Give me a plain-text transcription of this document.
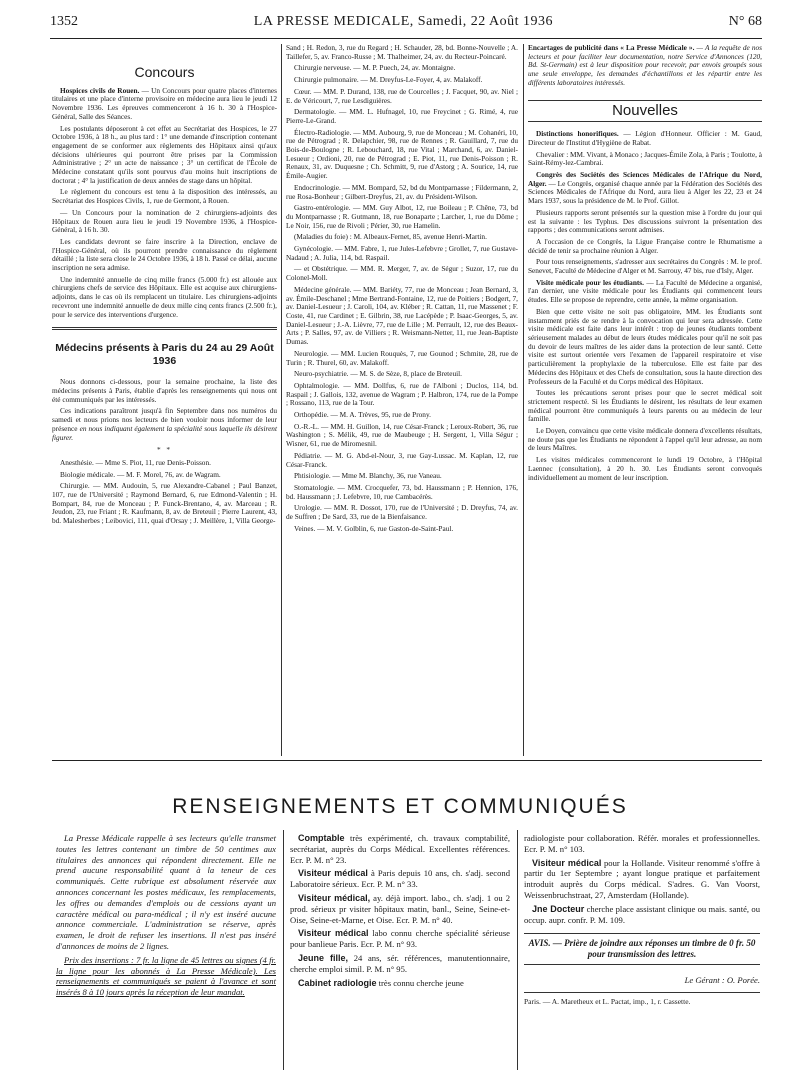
1352	LA PRESSE MEDICALE, Samedi, 22 Août 1936	N° 68
Concours

Hospices civils de Rouen. — Un Concours pour quatre places d'internes titulaires et une place d'interne provisoire en médecine aura lieu le jeudi 12 Novembre 1936. Les épreuves commenceront à 16 h. 30 à l'Hospice-Général, Salle des Séances.

Les postulants déposeront à cet effet au Secrétariat des Hospices, le 27 Octobre 1936, à 18 h., au plus tard : 1° une demande d'inscription contenant engagement de se conformer aux règlements des Hôpitaux ainsi qu'aux décisions ultérieures qui pourront être prises par la Commission Administrative ; 2° un acte de naissance ; 3° un certificat de l'École de Médecine constatant qu'ils sont pourvus d'au moins huit inscriptions de doctorat ; 4° la justification de deux années de stage dans un hôpital.

Le règlement du concours est tenu à la disposition des intéressés, au Secrétariat des Hospices Civils, 1, rue de Germont, à Rouen.

— Un Concours pour la nomination de 2 chirurgiens-adjoints des Hôpitaux de Rouen aura lieu le jeudi 19 Novembre 1936, à l'Hospice-Général, à 16 h. 30.

Les candidats devront se faire inscrire à la Direction, enclave de l'Hospice-Général, où ils pourront prendre connaissance du règlement détaillé ; la liste sera close le 24 Octobre 1936, à 18 h. Passé ce délai, aucune inscription ne sera admise.

Une indemnité annuelle de cinq mille francs (5.000 fr.) est allouée aux chirurgiens chefs de service des Hôpitaux. Elle est acquise aux chirurgiens-adjoints, dans le cas où ils remplacent un titulaire. Les chirurgiens-adjoints recevront une indemnité annuelle de deux mille cinq cents francs (2.500 fr.), pour le service des interventions d'urgence.

Médecins présents à Paris du 24 au 29 Août 1936

Nous donnons ci-dessous, pour la semaine prochaine, la liste des médecins présents à Paris, établie d'après les renseignements qui nous ont été communiqués par les intéressés.

Ces indications paraîtront jusqu'à fin Septembre dans nos numéros du samedi et nous prions nos lecteurs de bien vouloir nous informer de leur présence en nous indiquant également la spécialité sous laquelle ils désirent figurer.

* *

Anesthésie. — Mme S. Piot, 11, rue Denis-Poisson.

Biologie médicale. — M. F. Morel, 76, av. de Wagram.

Chirurgie. — MM. Audouin, 5, rue Alexandre-Cabanel ; Paul Banzet, 107, rue de l'Université ; Raymond Bernard, 6, rue Edmond-Valentin ; H. Bompart, 84, rue de Monceau ; P. Funck-Brentano, 4, av. Marceau ; R. Jeudon, 23, rue Friant ; R. Kaufmann, 8, av. de Breteuil ; Pierre Laurent, 43, bd. Malesherbes ; Leibovici, 111, quai d'Orsay ; J. Meillère, 1, Villa George-

Sand ; H. Redon, 3, rue du Regard ; H. Schauder, 28, bd. Bonne-Nouvelle ; A. Taillefer, 5, av. Franco-Russe ; M. Thalheimer, 24, av. du Recteur-Poincaré.

Chirurgie nerveuse. — M. P. Puech, 24, av. Montaigne.

Chirurgie pulmonaire. — M. Dreyfus-Le-Foyer, 4, av. Malakoff.

Cœur. — MM. P. Durand, 138, rue de Courcelles ; J. Facquet, 90, av. Niel ; E. de Véricourt, 7, rue Lesdiguières.

Dermatologie. — MM. L. Hufnagel, 10, rue Freycinet ; G. Rimé, 4, rue Pierre-Le-Grand.

Électro-Radiologie. — MM. Aubourg, 9, rue de Monceau ; M. Cohanéri, 10, rue de Pétrograd ; R. Delapchier, 98, rue de Rennes ; R. Gauillard, 7, rue du Bois-de-Boulogne ; R. Lebouchard, 18, rue Vital ; Marchand, 6, av. Daniel-Lesueur ; Ordioni, 20, rue de Pétrograd ; E. Piot, 11, rue Denis-Poisson ; R. Renaux, 31, av. Duquesne ; Ch. Schmitt, 9, rue d'Astorg ; A. Sourice, 14, rue Émile-Augier.

Endocrinologie. — MM. Bompard, 52, bd du Montparnasse ; Fildermann, 2, rue Rosa-Bonheur ; Gilbert-Dreyfus, 21, av. du Président-Wilson.

Gastro-entérologie. — MM. Guy Albot, 12, rue Boileau ; P. Chêne, 73, bd du Montparnasse ; R. Gutmann, 18, rue Bonaparte ; Larcher, 1, rue du Dôme ; Le Noir, 156, rue de Rivoli ; Périer, 30, rue Hamelin.

(Maladies du foie) : M. Albeaux-Fernet, 85, avenue Henri-Martin.

Gynécologie. — MM. Fabre, 1, rue Jules-Lefebvre ; Grollet, 7, rue Gustave-Nadaud ; A. Julia, 114, bd. Raspail.

— et Obstétrique. — MM. R. Merger, 7, av. de Ségur ; Suzor, 17, rue du Colonel-Moll.

Médecine générale. — MM. Bariéty, 77, rue de Monceau ; Jean Bernard, 3, av. Émile-Deschanel ; Mme Bertrand-Fontaine, 12, rue de Poitiers ; Bodgert, 7, av. Daniel-Lesueur ; J. Caroli, 104, av. Kléber ; R. Cattan, 11, rue Massenet ; F. Coste, 41, rue Cardinet ; E. Gilbrin, 38, rue Lacépède ; P. Isaac-Georges, 5, av. Daniel-Lesueur ; J.-A. Lièvre, 77, rue de Lille ; M. Perrault, 12, rue des Beaux-Arts ; P. Salles, 97, av. de Villiers ; R. Weismann-Netter, 11, rue Jean-Baptiste Dumas.

Neurologie. — MM. Lucien Rouquès, 7, rue Gounod ; Schmite, 28, rue de Turin ; R. Thurel, 60, av. Malakoff.

Neuro-psychiatrie. — M. S. de Sèze, 8, place de Breteuil.

Ophtalmologie. — MM. Dollfus, 6, rue de l'Alboni ; Duclos, 114, bd. Raspail ; J. Gallois, 132, avenue de Wagram ; P. Halbron, 174, rue de la Pompe ; Rossano, 113, rue de la Tour.

Orthopédie. — M. A. Trèves, 95, rue de Prony.

O.-R.-L. — MM. H. Guillon, 14, rue César-Franck ; Leroux-Robert, 36, rue Washington ; S. Mélik, 49, rue de Maubeuge ; H. Sergent, 1, Villa Ségur ; Wisner, 61, rue de Miromesnil.

Pédiatrie. — M. G. Abd-el-Nour, 3, rue Gay-Lussac. M. Kaplan, 12, rue César-Franck.

Phtisiologie. — Mme M. Blanchy, 36, rue Vaneau.

Stomatologie. — MM. Crocquefer, 73, bd. Haussmann ; P. Hennion, 176, bd. Haussmann ; J. Lefebvre, 10, rue Cambacérès.

Urologie. — MM. R. Dossot, 170, rue de l'Université ; D. Dreyfus, 74, av. de Suffren ; De Sard, 33, rue de la Bienfaisance.

Veines. — M. V. Golblin, 6, rue Gaston-de-Saint-Paul.

Encartages de publicité dans « La Presse Médicale ». — A la requête de nos lecteurs et pour faciliter leur documentation, notre Service d'Annonces (120, Bd. St-Germain) est à leur disposition pour recevoir, par envois groupés sous une seule enveloppe, les demandes d'échantillons et les répartir entre les différents laboratoires intéressés.

Nouvelles

Distinctions honorifiques. — Légion d'Honneur. Officier : M. Gaud, Directeur de l'Institut d'Hygiène de Rabat.

Chevalier : MM. Vivant, à Monaco ; Jacques-Émile Zola, à Paris ; Toulotte, à Saint-Rémy-lez-Cambrai.

Congrès des Sociétés des Sciences Médicales de l'Afrique du Nord, Alger. — Le Congrès, organisé chaque année par la Fédération des Sociétés des Sciences Médicales de l'Afrique du Nord, aura lieu à Alger les 22, 23 et 24 Mars 1937, sous la présidence de M. le Prof. Gillot.

Plusieurs rapports seront présentés sur la question mise à l'ordre du jour qui est la suivante : les Typhus. Des discussions suivront la présentation des rapports ; des communications seront admises.

A l'occasion de ce Congrès, la Ligue Française contre le Rhumatisme a décidé de tenir sa prochaine réunion à Alger.

Pour tous renseignements, s'adresser aux secrétaires du Congrès : M. le prof. Senevet, Faculté de Médecine d'Alger et M. Sarrouy, 47 bis, rue d'Isly, Alger.

Visite médicale pour les étudiants. — La Faculté de Médecine a organisé, l'an dernier, une visite médicale pour les Étudiants qui commencent leurs études. Elle se propose de reprendre, cette année, la même organisation.

Bien que cette visite ne soit pas obligatoire, MM. les Étudiants sont instamment priés de se rendre à la convocation qui leur sera adressée. Cette visite médicale est faite dans leur intérêt : trop de jeunes étudiants tombent sérieusement malades au début de leurs études médicales pour qu'il ne soit pas du devoir de leurs maîtres de les aider dans la protection de leur santé. Cette visite est surtout orientée vers l'examen de l'appareil respiratoire et vise particulièrement la prophylaxie de la tuberculose. Elle est faite par des Médecins des Hôpitaux et des Chefs de consultation, sous la haute direction des Professeurs de la Faculté et du Corps médical des Hôpitaux.

Toutes les précautions seront prises pour que le secret médical soit strictement respecté. Si les Étudiants le désirent, les résultats de leur examen médical pourront être communiqués à leurs parents ou au médecin de leur famille.

Le Doyen, convaincu que cette visite médicale donnera d'excellents résultats, ne doute pas que les Étudiants ne répondent à l'appel qu'il leur adresse, au nom de leurs Maîtres.

Les visites médicales commenceront le lundi 19 Octobre, à l'Hôpital Laennec (consultation), à 20 h. 30. Les Étudiants seront convoqués individuellement au moment de leur inscription.

RENSEIGNEMENTS ET COMMUNIQUÉS

La Presse Médicale rappelle à ses lecteurs qu'elle transmet toutes les lettres contenant un timbre de 50 centimes aux titulaires des annonces qui répondent directement. Elle ne prend aucune responsabilité quant à la teneur de ces communiqués. Cette rubrique est absolument réservée aux annonces concernant les postes médicaux, les remplacements, les offres ou demandes d'emplois ou de cessions ayant un caractère médical ou para-médical ; il n'y est inséré aucune annonce commerciale. L'administration se réserve, après examen, le droit de refuser les insertions. Il n'est pas inséré d'annonces de moins de 2 lignes.

Prix des insertions : 7 fr. la ligne de 45 lettres ou signes (4 fr. la ligne pour les abonnés à La Presse Médicale). Les renseignements et communiqués se paient à l'avance et sont insérés 8 à 10 jours après la réception de leur mandat.

Comptable très expérimenté, ch. travaux comptabilité, secrétariat, auprès du Corps Médical. Excellentes références. Ecr. P. M. n° 23.

Visiteur médical à Paris depuis 10 ans, ch. s'adj. second Laboratoire sérieux. Ecr. P. M. n° 33.

Visiteur médical, ay. déjà import. labo., ch. s'adj. 1 ou 2 prod. sérieux pr visiter hôpitaux matin, banl., Seine, Seine-et-Oise, Seine-et-Marne, et Oise. Ecr. P. M. n° 40.

Visiteur médical labo connu cherche spécialité sérieuse pour banlieue Paris. Ecr. P. M. n° 93.

Jeune fille, 24 ans, sér. références, manutentionnaire, cherche emploi simil. P. M. n° 95.

Cabinet radiologie très connu cherche jeune

radiologiste pour collaboration. Référ. morales et professionnelles. Ecr. P. M. n° 103.

Visiteur médical pour la Hollande. Visiteur renommé s'offre à partir du 1er Septembre ; ayant longue pratique et parfaitement introduit auprès du Corps médical. S'adres. G. Van Voorst, Weissenbruchstraat, 27, Amsterdam (Hollande).

Jne Docteur cherche place assistant clinique ou mais. santé, ou occup. aupr. confr. P. M. 109.

AVIS. — Prière de joindre aux réponses un timbre de 0 fr. 50 pour transmission des lettres.
Le Gérant : O. Porée.
Paris. — A. Maretheux et L. Pactat, imp., 1, r. Cassette.
